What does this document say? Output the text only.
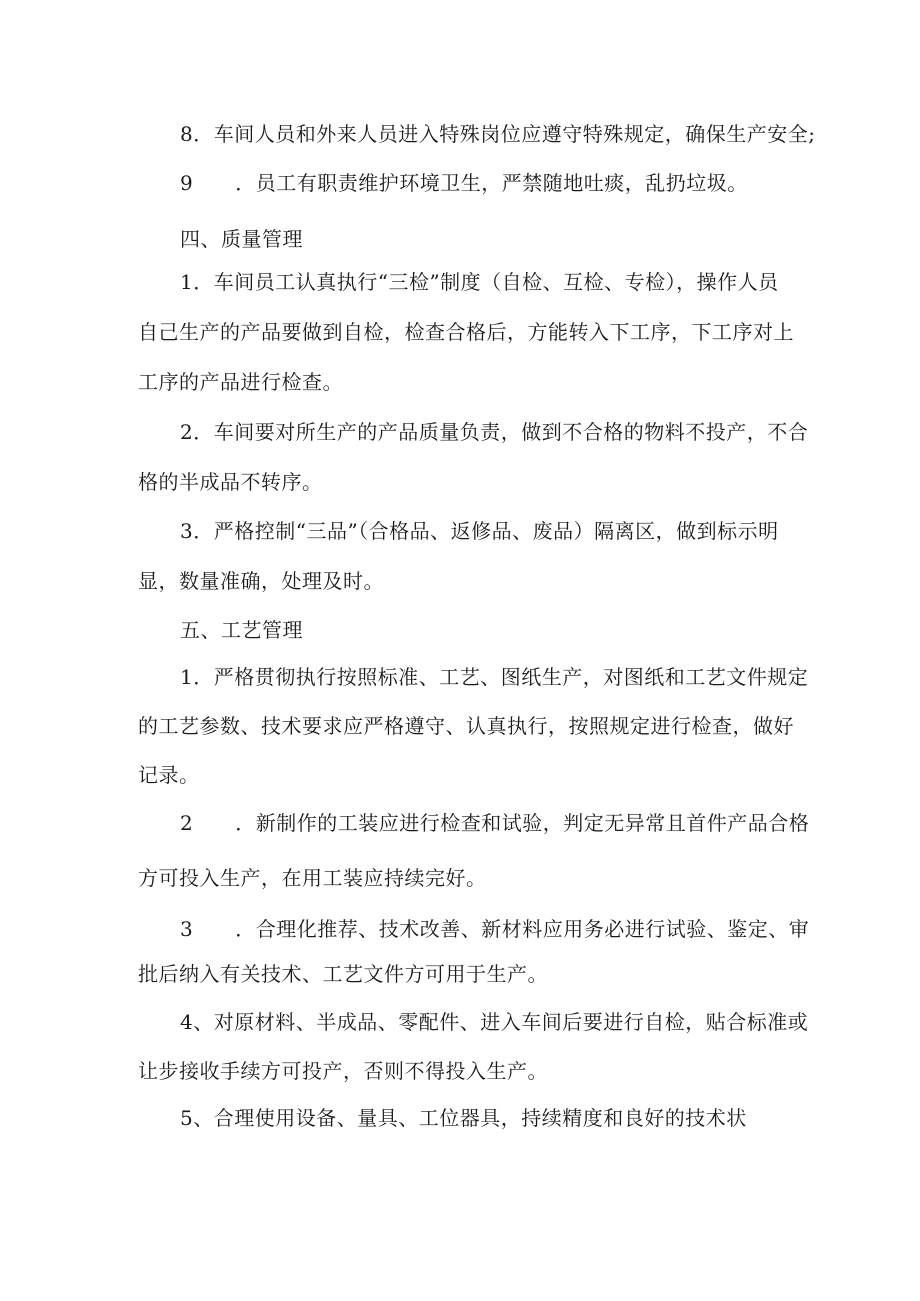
8．车间人员和外来人员进入特殊岗位应遵守特殊规定，确保生产安全;
9 ．员工有职责维护环境卫生，严禁随地吐痰，乱扔垃圾。
四、质量管理
1．车间员工认真执行“三检”制度（自检、互检、专检），操作人员
自己生产的产品要做到自检，检查合格后，方能转入下工序，下工序对上
工序的产品进行检查。
2．车间要对所生产的产品质量负责，做到不合格的物料不投产，不合
格的半成品不转序。
3．严格控制“三品”（合格品、返修品、废品）隔离区，做到标示明
显，数量准确，处理及时。
五、工艺管理
1．严格贯彻执行按照标准、工艺、图纸生产，对图纸和工艺文件规定
的工艺参数、技术要求应严格遵守、认真执行，按照规定进行检查，做好
记录。
2 ．新制作的工装应进行检查和试验，判定无异常且首件产品合格
方可投入生产，在用工装应持续完好。
3 ．合理化推荐、技术改善、新材料应用务必进行试验、鉴定、审
批后纳入有关技术、工艺文件方可用于生产。
4、对原材料、半成品、零配件、进入车间后要进行自检，贴合标准或
让步接收手续方可投产，否则不得投入生产。
5、合理使用设备、量具、工位器具，持续精度和良好的技术状
